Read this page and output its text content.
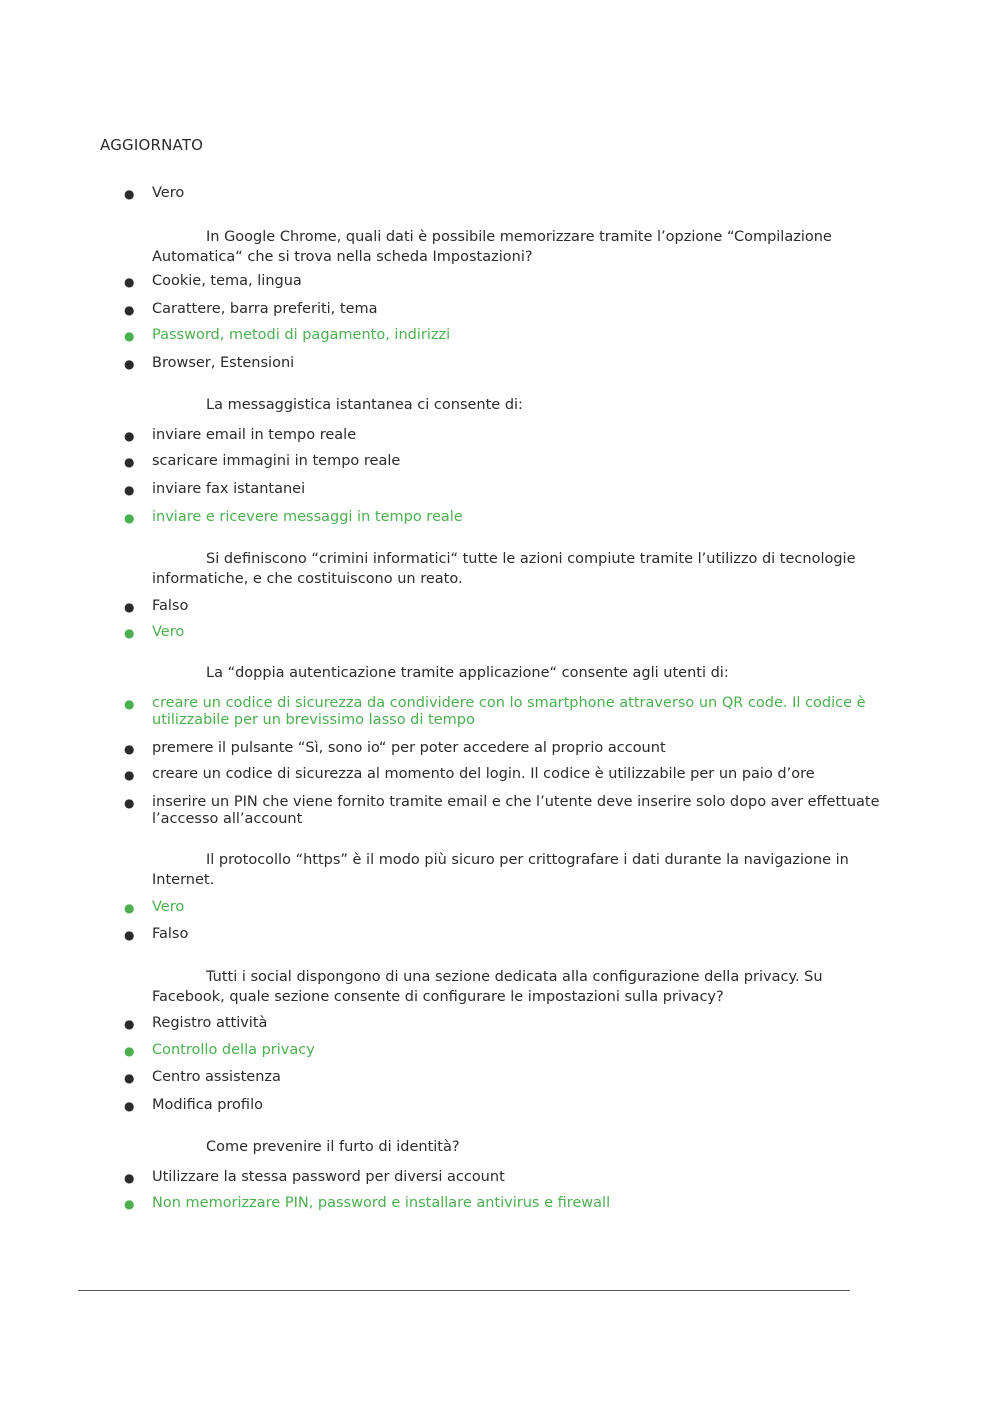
AGGIORNATO
● Vero
In Google Chrome, quali dati è possibile memorizzare tramite l’opzione “Compilazione Automatica“ che si trova nella scheda Impostazioni?
● Cookie, tema, lingua
● Carattere, barra preferiti, tema
● Password, metodi di pagamento, indirizzi
● Browser, Estensioni
La messaggistica istantanea ci consente di:
● inviare email in tempo reale
● scaricare immagini in tempo reale
● inviare fax istantanei
● inviare e ricevere messaggi in tempo reale
Si definiscono “crimini informatici“ tutte le azioni compiute tramite l’utilizzo di tecnologie informatiche, e che costituiscono un reato.
● Falso
● Vero
La “doppia autenticazione tramite applicazione“ consente agli utenti di:
● creare un codice di sicurezza da condividere con lo smartphone attraverso un QR code. Il codice è utilizzabile per un brevissimo lasso di tempo
● premere il pulsante “Sì, sono io“ per poter accedere al proprio account
● creare un codice di sicurezza al momento del login. Il codice è utilizzabile per un paio d’ore
● inserire un PIN che viene fornito tramite email e che l’utente deve inserire solo dopo aver effettuate l’accesso all’account
Il protocollo “https” è il modo più sicuro per crittografare i dati durante la navigazione in Internet.
● Vero
● Falso
Tutti i social dispongono di una sezione dedicata alla configurazione della privacy. Su Facebook, quale sezione consente di configurare le impostazioni sulla privacy?
● Registro attività
● Controllo della privacy
● Centro assistenza
● Modifica profilo
Come prevenire il furto di identità?
● Utilizzare la stessa password per diversi account
● Non memorizzare PIN, password e installare antivirus e firewall
